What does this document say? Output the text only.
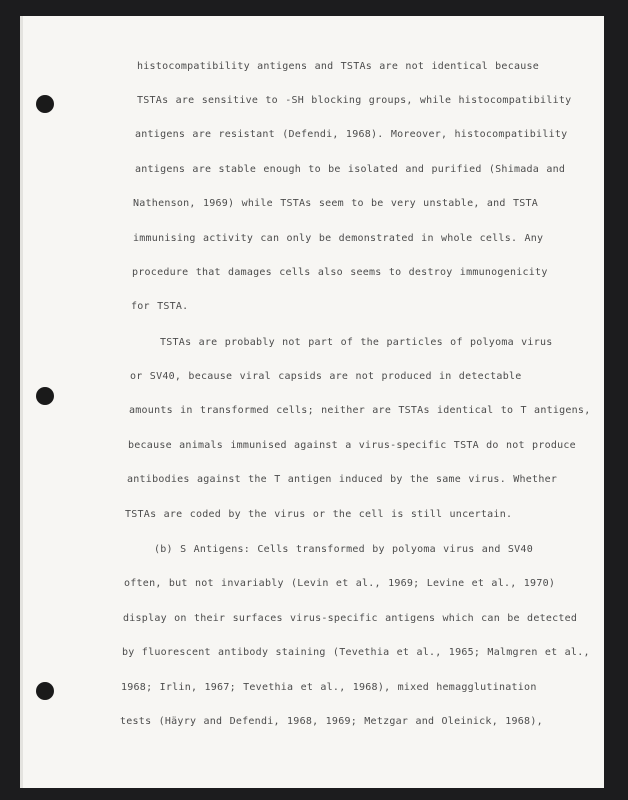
histocompatibility antigens and TSTAs are not identical because
TSTAs are sensitive to -SH blocking groups, while histocompatibility
antigens are resistant (Defendi, 1968). Moreover, histocompatibility
antigens are stable enough to be isolated and purified (Shimada and
Nathenson, 1969) while TSTAs seem to be very unstable, and TSTA
immunising activity can only be demonstrated in whole cells. Any
procedure that damages cells also seems to destroy immunogenicity
for TSTA.
TSTAs are probably not part of the particles of polyoma virus
or SV40, because viral capsids are not produced in detectable
amounts in transformed cells; neither are TSTAs identical to T antigens,
because animals immunised against a virus-specific TSTA do not produce
antibodies against the T antigen induced by the same virus. Whether
TSTAs are coded by the virus or the cell is still uncertain.
(b) S Antigens: Cells transformed by polyoma virus and SV40
often, but not invariably (Levin et al., 1969; Levine et al., 1970)
display on their surfaces virus-specific antigens which can be detected
by fluorescent antibody staining (Tevethia et al., 1965; Malmgren et al.,
1968; Irlin, 1967; Tevethia et al., 1968), mixed hemagglutination
tests (Häyry and Defendi, 1968, 1969; Metzgar and Oleinick, 1968),
